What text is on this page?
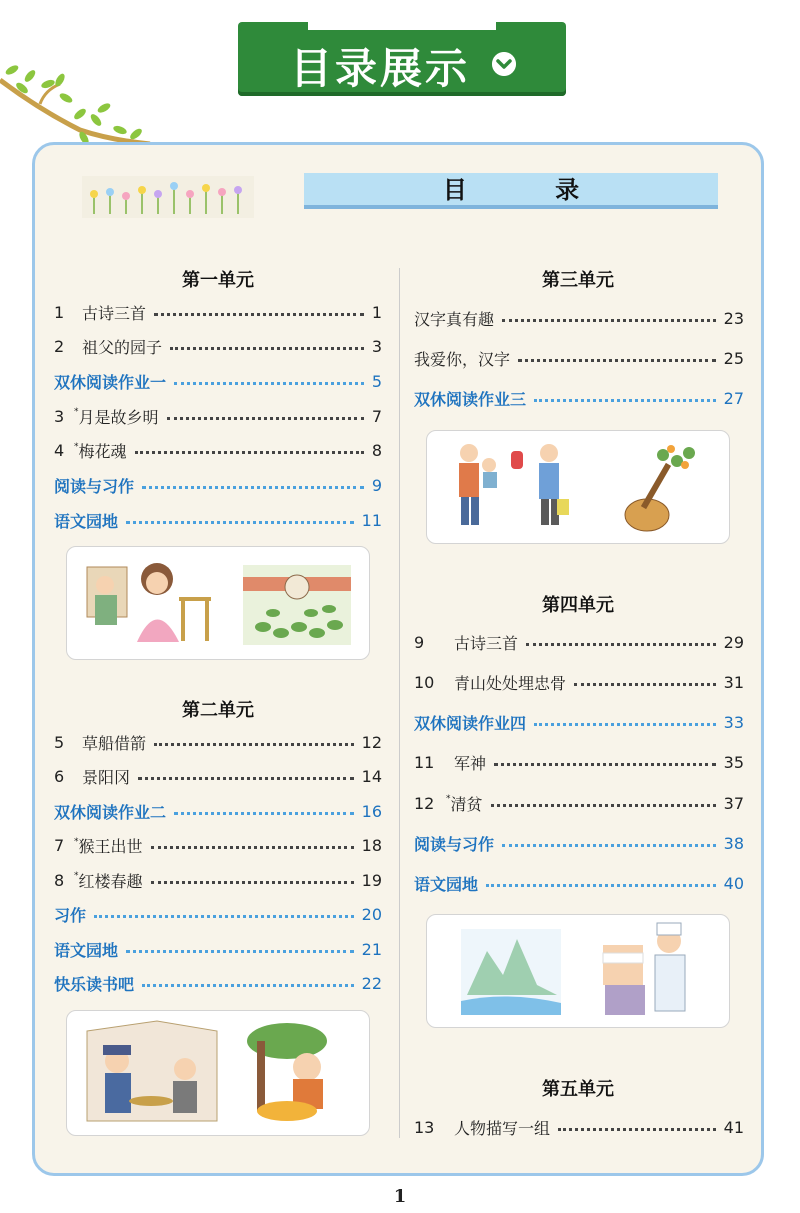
目录展示
目 录
第一单元
1	古诗三首	1
2	祖父的园子	3
双休阅读作业一	5
3	* 月是故乡明	7
4	* 梅花魂	8
阅读与习作	9
语文园地	11
第二单元
5	草船借箭	12
6	景阳冈	14
双休阅读作业二	16
7	* 猴王出世	18
8	* 红楼春趣	19
习作	20
语文园地	21
快乐读书吧	22
第三单元
汉字真有趣	23
我爱你，汉字	25
双休阅读作业三	27
第四单元
9	古诗三首	29
10	青山处处埋忠骨	31
双休阅读作业四	33
11	军神	35
12	* 清贫	37
阅读与习作	38
语文园地	40
第五单元
13	人物描写一组	41
1
